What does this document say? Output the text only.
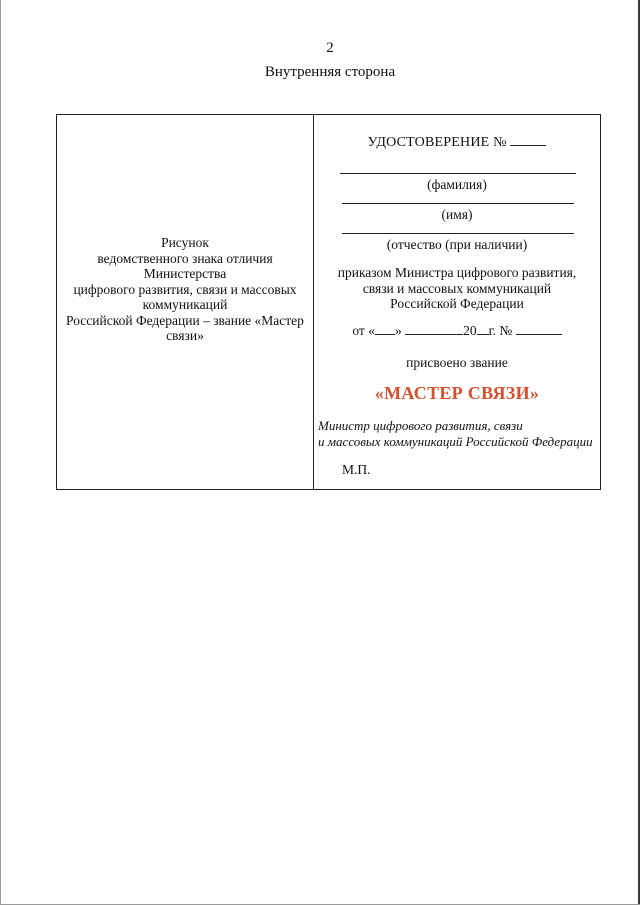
2
Внутренняя сторона
Рисунок
ведомственного знака отличия
Министерства
цифрового развития, связи и массовых
коммуникаций
Российской Федерации – звание «Мастер
связи»
УДОСТОВЕРЕНИЕ №
(фамилия)
(имя)
(отчество (при наличии)
приказом Министра цифрового развития,
связи и массовых коммуникаций
Российской Федерации
от « »	20 г. №
присвоено звание
«МАСТЕР СВЯЗИ»
Министр цифрового развития, связи
и массовых коммуникаций Российской Федерации
М.П.
